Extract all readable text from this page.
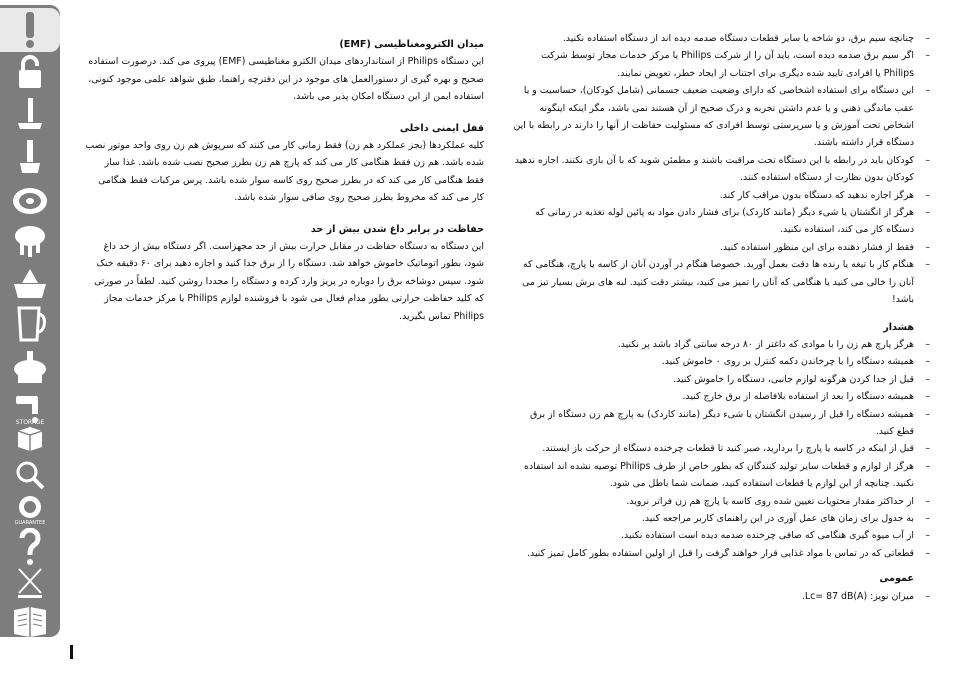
STORAGE
GUARANTEE

میدان الکترومغناطیسی (EMF)

این دستگاه Philips از استانداردهای میدان الکترو مغناطیسی (EMF) پیروی می کند. درصورت استفاده صحیح و بهره گیری از دستورالعمل های موجود در این دفترچه راهنما، طبق شواهد علمی موجود کنونی، استفاده ایمن از این دستگاه امکان پذیر می باشد.

قفل ایمنی داخلی

کلیه عملکردها (بجز عملکرد هم زن) فقط زمانی کار می کنند که سرپوش هم زن روی واحد موتور نصب شده باشد. هم زن فقط هنگامی کار می کند که پارچ هم زن بطرز صحیح نصب شده باشد. غذا ساز فقط هنگامی کار می کند که در بطرز صحیح روی کاسه سوار شده باشد. پرس مرکبات فقط هنگامی کار می کند که مخروط بطرز صحیح روی صافی سوار شده باشد.

حفاظت در برابر داغ شدن بیش از حد

این دستگاه به دستگاه حفاظت در مقابل حرارت بیش از حد مجهزاست. اگر دستگاه بیش از حد داغ شود، بطور اتوماتیک خاموش خواهد شد. دستگاه را از برق جدا کنید و اجازه دهید برای ۶۰ دقیقه خنک شود. سپس دوشاخه برق را دوباره در پریز وارد کرده و دستگاه را مجددا روشن کنید. لطفاً در صورتی که کلید حفاظت حرارتی بطور مدام فعال می شود با فروشنده لوازم Philips یا مرکز خدمات مجاز Philips تماس بگیرید.

–
چنانچه سیم برق، دو شاخه یا سایر قطعات دستگاه صدمه دیده اند از دستگاه استفاده نکنید.
–
اگر سیم برق صدمه دیده است، باید آن را از شرکت Philips یا مرکز خدمات مجاز توسط شرکت Philips یا افرادی تایید شده دیگری برای اجتناب از ایجاد خطر، تعویض نمایند.
–
این دستگاه برای استفاده اشخاصی که دارای وضعیت ضعیف جسمانی (شامل کودکان)، حساسیت و یا عقب ماندگی ذهنی و یا عدم داشتن تجربه و درک صحیح از آن هستند نمی باشد، مگر اینکه اینگونه اشخاص تحت آموزش و یا سرپرستی توسط افرادی که مسئولیت حفاظت از آنها را دارند در رابطه با این دستگاه قرار داشته باشند.
–
کودکان باید در رابطه با این دستگاه تحت مراقبت باشند و مطمئن شوید که با آن بازی نکنند. اجازه ندهید کودکان بدون نظارت از دستگاه استفاده کنند.
–
هرگز اجازه ندهید که دستگاه بدون مراقب کار کند.
–
هرگز از انگشتان یا شیء دیگر (مانند کاردک) برای فشار دادن مواد به پائین لوله تغذیه در زمانی که دستگاه کار می کند، استفاده نکنید.
–
فقط از فشار دهنده برای این منظور استفاده کنید.
–
هنگام کار با تیغه یا رنده ها دقت بعمل آورید. خصوصا هنگام در آوردن آنان از کاسه یا پارچ، هنگامی که آنان را خالی می کنید یا هنگامی که آنان را تمیز می کنید، بیشتر دقت کنید. لبه های برش بسیار تیز می باشد!

هشدار

–
هرگز پارچ هم زن را با موادی که داغتر از ۸۰ درجه سانتی گراد باشد پر نکنید.
–
همیشه دستگاه را با چرخاندن دکمه کنترل بر روی ۰ خاموش کنید.
–
قبل از جدا کردن هرگونه لوازم جانبی، دستگاه را خاموش کنید.
–
همیشه دستگاه را بعد از استفاده بلافاصله از برق خارج کنید.
–
همیشه دستگاه را قبل از رسیدن انگشتان یا شیء دیگر (مانند کاردک) به پارچ هم زن دستگاه از برق قطع کنید.
–
قبل از اینکه در کاسه یا پارچ را بردارید، صبر کنید تا قطعات چرخنده دستگاه از حرکت باز ایستند.
–
هرگز از لوازم و قطعات سایر تولید کنندگان که بطور خاص از طرف Philips توصیه نشده اند استفاده نکنید. چنانچه از این لوازم یا قطعات استفاده کنید، ضمانت شما باطل می شود.
–
از حداکثر مقدار محتویات تعیین شده روی کاسه یا پارچ هم زن فراتر نروید.
–
به جدول برای زمان های عمل آوری در این راهنمای کاربر مراجعه کنید.
–
از آب میوه گیری هنگامی که صافی چرخنده صدمه دیده است استفاده نکنید.
–
قطعاتی که در تماس با مواد غذایی قرار خواهند گرفت را قبل از اولین استفاده بطور کامل تمیز کنید.

عمومی

–
میزان نویز: Lc= 87 dB(A).
